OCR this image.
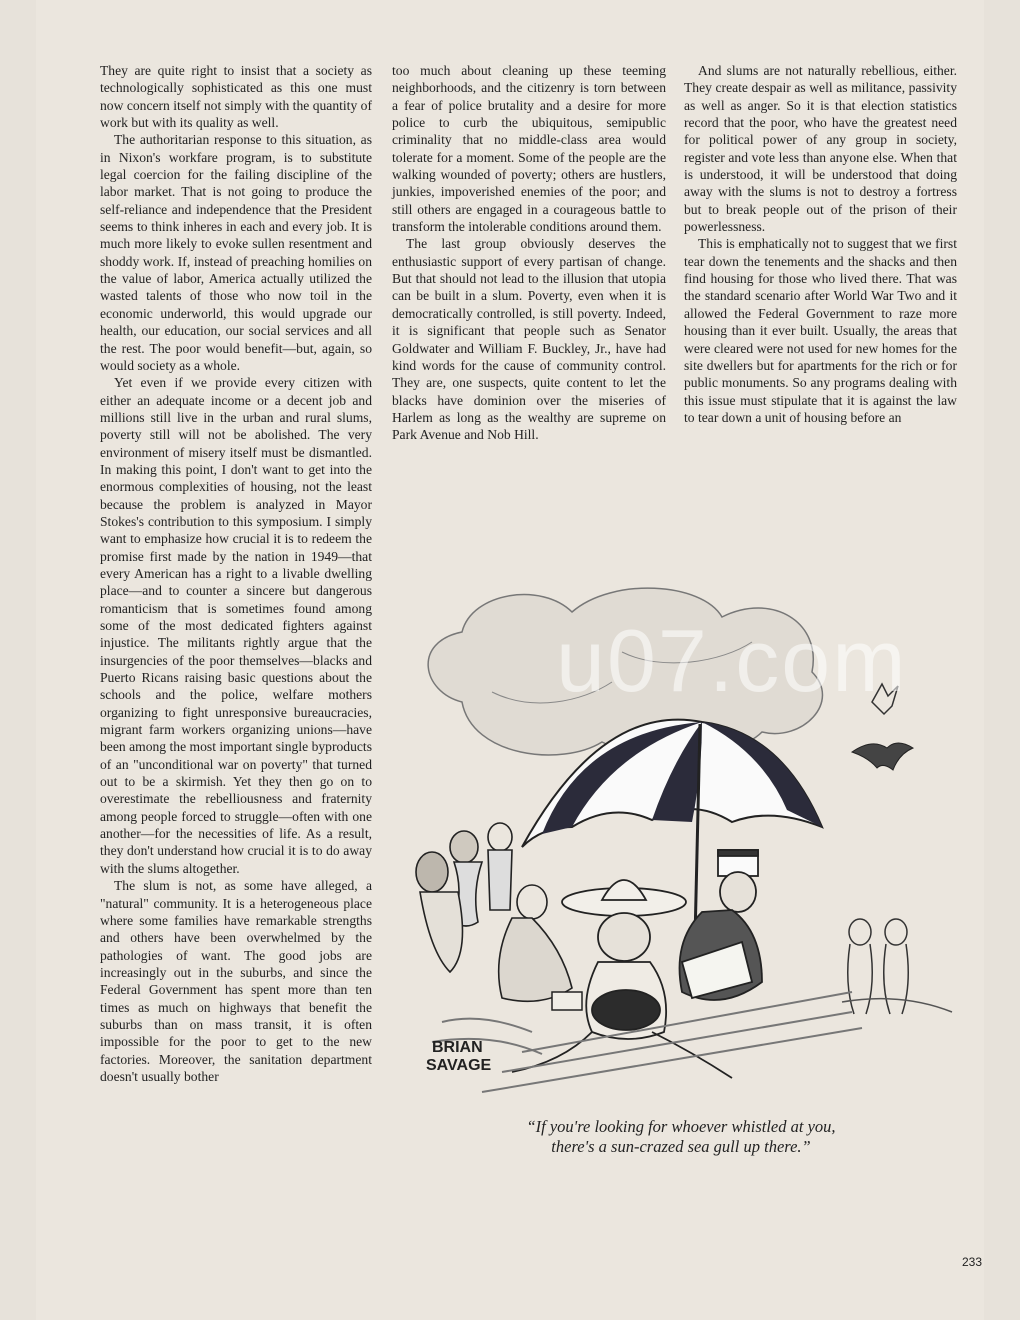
They are quite right to insist that a society as technologically sophisticated as this one must now concern itself not simply with the quantity of work but with its quality as well.

The authoritarian response to this situation, as in Nixon's workfare program, is to substitute legal coercion for the failing discipline of the labor market. That is not going to produce the self-reliance and independence that the President seems to think inheres in each and every job. It is much more likely to evoke sullen resentment and shoddy work. If, instead of preaching homilies on the value of labor, America actually utilized the wasted talents of those who now toil in the economic underworld, this would upgrade our health, our education, our social services and all the rest. The poor would benefit—but, again, so would society as a whole.

Yet even if we provide every citizen with either an adequate income or a decent job and millions still live in the urban and rural slums, poverty still will not be abolished. The very environment of misery itself must be dismantled. In making this point, I don't want to get into the enormous complexities of housing, not the least because the problem is analyzed in Mayor Stokes's contribution to this symposium. I simply want to emphasize how crucial it is to redeem the promise first made by the nation in 1949—that every American has a right to a livable dwelling place—and to counter a sincere but dangerous romanticism that is sometimes found among some of the most dedicated fighters against injustice. The militants rightly argue that the insurgencies of the poor themselves—blacks and Puerto Ricans raising basic questions about the schools and the police, welfare mothers organizing to fight unresponsive bureaucracies, migrant farm workers organizing unions—have been among the most important single byproducts of an "unconditional war on poverty" that turned out to be a skirmish. Yet they then go on to overestimate the rebelliousness and fraternity among people forced to struggle—often with one another—for the necessities of life. As a result, they don't understand how crucial it is to do away with the slums altogether.

The slum is not, as some have alleged, a "natural" community. It is a heterogeneous place where some families have remarkable strengths and others have been overwhelmed by the pathologies of want. The good jobs are increasingly out in the suburbs, and since the Federal Government has spent more than ten times as much on highways that benefit the suburbs than on mass transit, it is often impossible for the poor to get to the new factories. Moreover, the sanitation department doesn't usually bother

too much about cleaning up these teeming neighborhoods, and the citizenry is torn between a fear of police brutality and a desire for more police to curb the ubiquitous, semipublic criminality that no middle-class area would tolerate for a moment. Some of the people are the walking wounded of poverty; others are hustlers, junkies, impoverished enemies of the poor; and still others are engaged in a courageous battle to transform the intolerable conditions around them.

The last group obviously deserves the enthusiastic support of every partisan of change. But that should not lead to the illusion that utopia can be built in a slum. Poverty, even when it is democratically controlled, is still poverty. Indeed, it is significant that people such as Senator Goldwater and William F. Buckley, Jr., have had kind words for the cause of community control. They are, one suspects, quite content to let the blacks have dominion over the miseries of Harlem as long as the wealthy are supreme on Park Avenue and Nob Hill.

And slums are not naturally rebellious, either. They create despair as well as militance, passivity as well as anger. So it is that election statistics record that the poor, who have the greatest need for political power of any group in society, register and vote less than anyone else. When that is understood, it will be understood that doing away with the slums is not to destroy a fortress but to break people out of the prison of their powerlessness.

This is emphatically not to suggest that we first tear down the tenements and the shacks and then find housing for those who lived there. That was the standard scenario after World War Two and it allowed the Federal Government to raze more housing than it ever built. Usually, the areas that were cleared were not used for new homes for the site dwellers but for apartments for the rich or for public monuments. So any programs dealing with this issue must stipulate that it is against the law to tear down a unit of housing before an

BRIAN
SAVAGE
u07.com
“If you're looking for whoever whistled at you,
there's a sun-crazed sea gull up there.”
233
